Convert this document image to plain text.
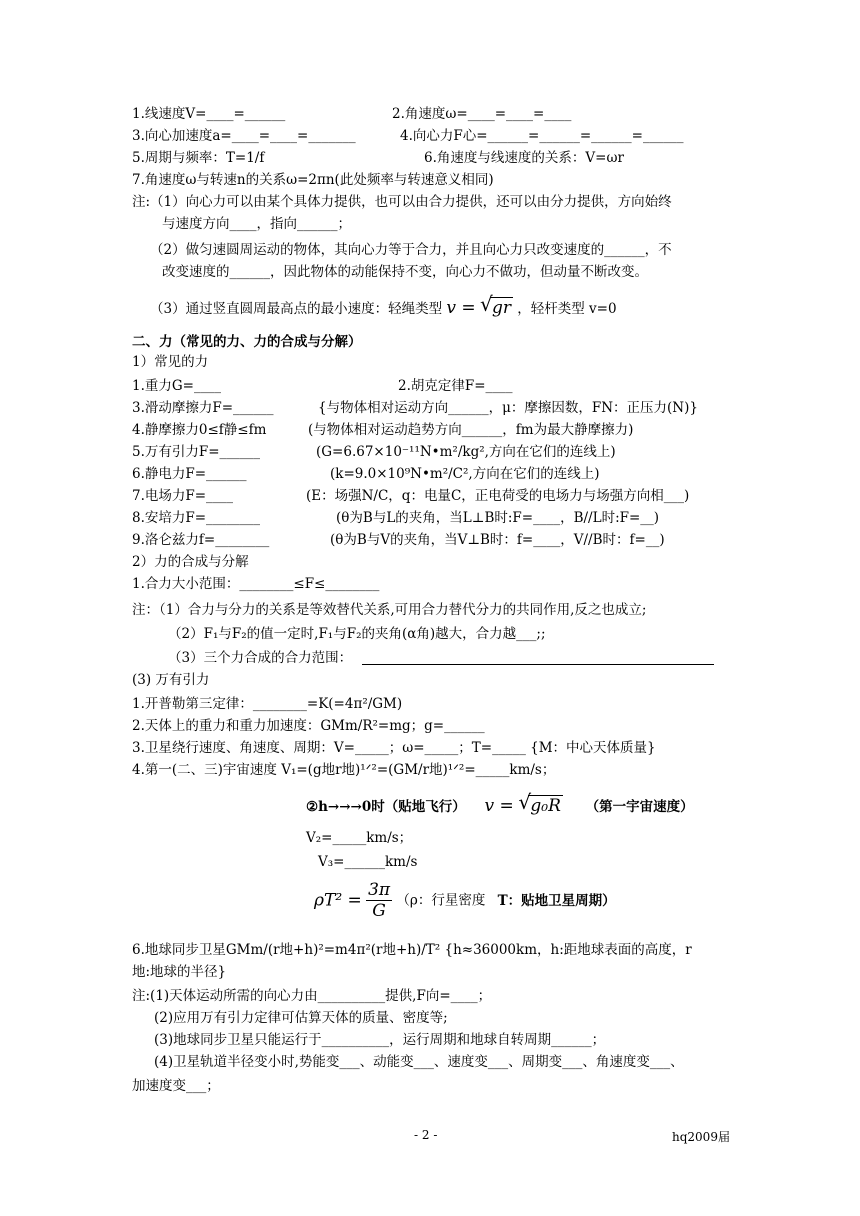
1.线速度V=____=______	2.角速度ω=____=____=____
3.向心加速度a=____=____=_______	4.向心力F心=______=______=______=______
5.周期与频率：T=1/f	6.角速度与线速度的关系：V=ωr
7.角速度ω与转速n的关系ω=2πn(此处频率与转速意义相同)
注:（1）向心力可以由某个具体力提供，也可以由合力提供，还可以由分力提供，方向始终
与速度方向____，指向______；
（2）做匀速圆周运动的物体，其向心力等于合力，并且向心力只改变速度的______，不
改变速度的______，因此物体的动能保持不变，向心力不做功，但动量不断改变。
（3）通过竖直圆周最高点的最小速度：轻绳类型 v = √ gr ，轻杆类型 v=0
二、力（常见的力、力的合成与分解）
1）常见的力
1.重力G=____	2.胡克定律F=____
3.滑动摩擦力F=______	{与物体相对运动方向______，μ：摩擦因数，FN：正压力(N)}
4.静摩擦力0≤f静≤fm	(与物体相对运动趋势方向______，fm为最大静摩擦力)
5.万有引力F=______	(G=6.67×10⁻¹¹N•m²/kg²,方向在它们的连线上)
6.静电力F=______	(k=9.0×10⁹N•m²/C²,方向在它们的连线上)
7.电场力F=____	(E：场强N/C，q：电量C，正电荷受的电场力与场强方向相___)
8.安培力F=________	(θ为B与L的夹角，当L⊥B时:F=____，B//L时:F=__)
9.洛仑兹力f=________	(θ为B与V的夹角，当V⊥B时：f=____，V//B时：f=__)
2）力的合成与分解
1.合力大小范围：________≤F≤________
注：（1）合力与分力的关系是等效替代关系,可用合力替代分力的共同作用,反之也成立;
（2）F₁与F₂的值一定时,F₁与F₂的夹角(α角)越大，合力越___;;
（3）三个力合成的合力范围：
(3) 万有引力
1.开普勒第三定律：________=K(=4π²/GM)
2.天体上的重力和重力加速度：GMm/R²=mg；g=______
3.卫星绕行速度、角速度、周期：V=_____；ω=_____；T=_____ {M：中心天体质量}
4.第一(二、三)宇宙速度 V₁=(g地r地)¹ᐟ²=(GM/r地)¹ᐟ²=_____km/s；
②h→→→0时（贴地飞行） v = √ g₀R （第一宇宙速度）
V₂=_____km/s；
V₃=______km/s
$\rho T^2 = \frac{3\pi}{G} (\rho$：行星密度 T：贴地卫星周期）
6.地球同步卫星GMm/(r地+h)²=m4π²(r地+h)/T² {h≈36000km，h:距地球表面的高度，r
地:地球的半径}
注:(1)天体运动所需的向心力由__________提供,F向=____；
(2)应用万有引力定律可估算天体的质量、密度等;
(3)地球同步卫星只能运行于__________，运行周期和地球自转周期______；
(4)卫星轨道半径变小时,势能变___、动能变___、速度变___、周期变___、角速度变___、
加速度变___；
- 2 -	hq2009届
